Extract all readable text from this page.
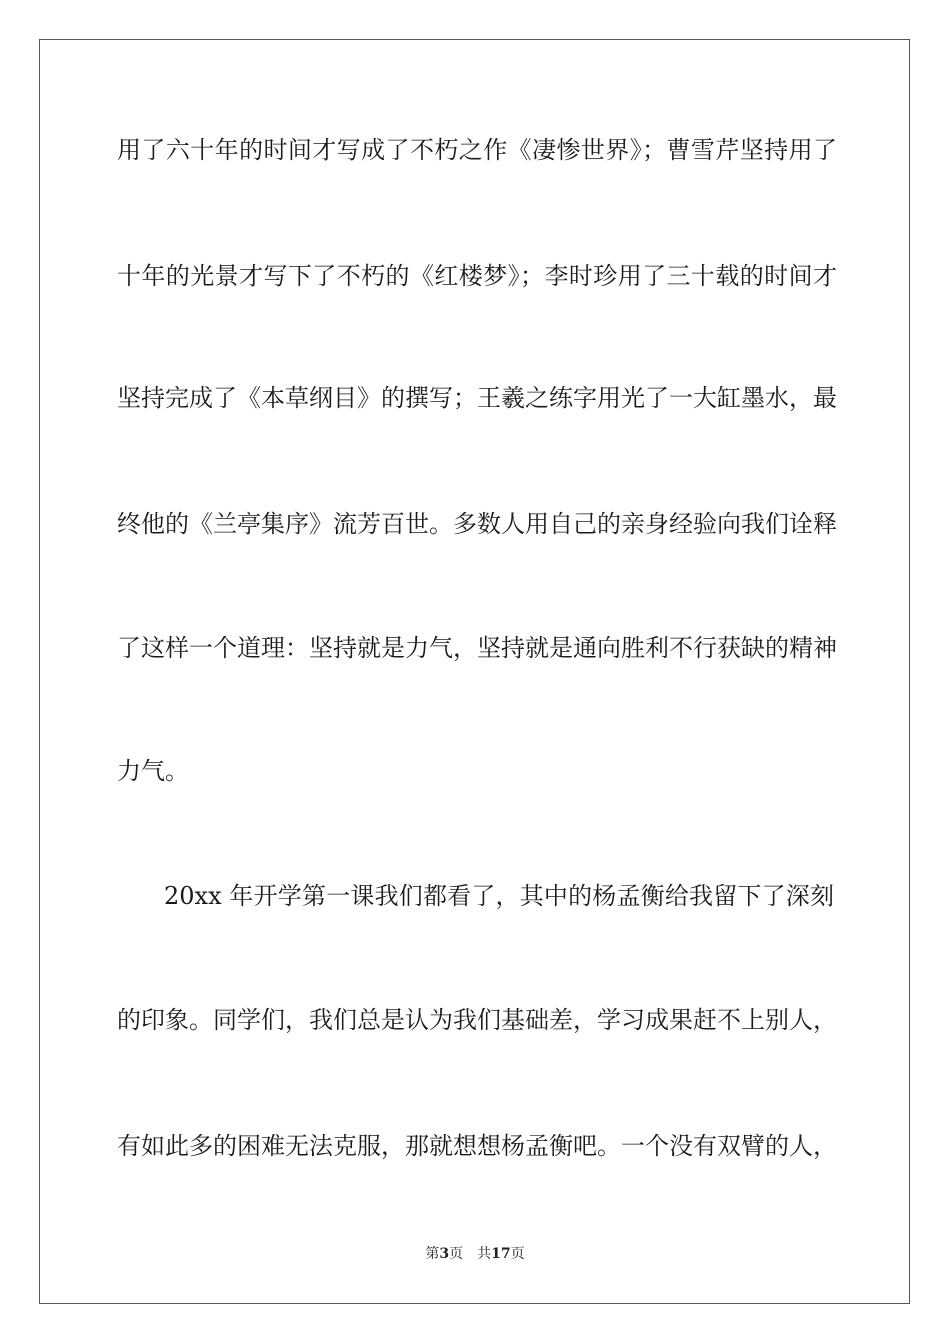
用了六十年的时间才写成了不朽之作《凄惨世界》；曹雪芹坚持用了
十年的光景才写下了不朽的《红楼梦》；李时珍用了三十载的时间才
坚持完成了《本草纲目》的撰写；王羲之练字用光了一大缸墨水，最
终他的《兰亭集序》流芳百世。多数人用自己的亲身经验向我们诠释
了这样一个道理：坚持就是力气，坚持就是通向胜利不行获缺的精神
力气。
20xx 年开学第一课我们都看了，其中的杨孟衡给我留下了深刻
的印象。同学们，我们总是认为我们基础差，学习成果赶不上别人，
有如此多的困难无法克服，那就想想杨孟衡吧。一个没有双臂的人，
第3页 共17页
